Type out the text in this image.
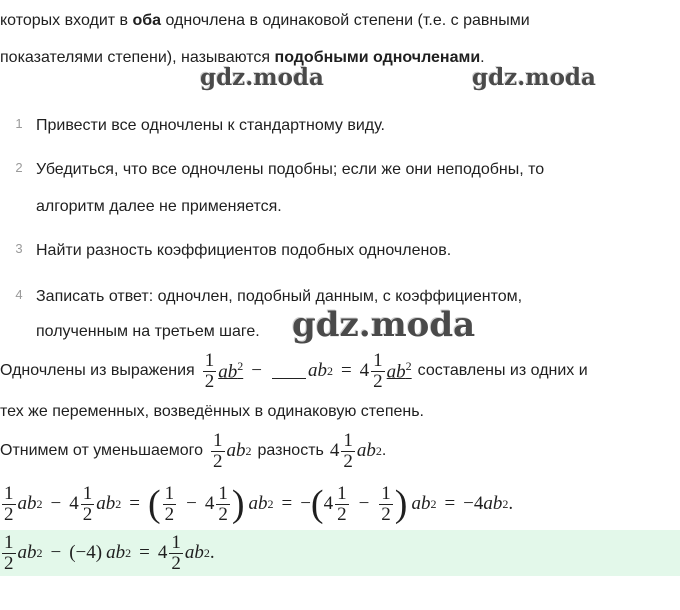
которых входит в оба одночлена в одинаковой степени (т.е. с равными
показателями степени), называются подобными одночленами.
gdz.moda	gdz.moda
1 Привести все одночлены к стандартному виду.
2 Убедиться, что все одночлены подобны; если же они неподобны, то
алгоритм далее не применяется.
3 Найти разность коэффициентов подобных одночленов.
4 Записать ответ: одночлен, подобный данным, с коэффициентом,
полученным на третьем шаге. gdz.moda
Одночлены из выражения $\frac{1}{2} ab^2$ − ab $2 = 4 \frac{1}{2} ab^2$ составлены из одних и
тех же переменных, возведённых в одинаковую степень.
Отнимем от уменьшаемого $\frac{1}{2}$ ab 2 разность $4 \frac{1}{2}$ ab 2 .
$\frac{1}{2}$ ab $2 - 4 \frac{1}{2}$ ab 2 = ( $\frac{1}{2} - 4 \frac{1}{2}$ ) ab 2 = − ( $4 \frac{1}{2} - \frac{1}{2}$ ) ab 2 = −4 ab 2 .
$\frac{1}{2}$ ab 2 − (−4) ab $2 = 4 \frac{1}{2}$ ab 2 .
